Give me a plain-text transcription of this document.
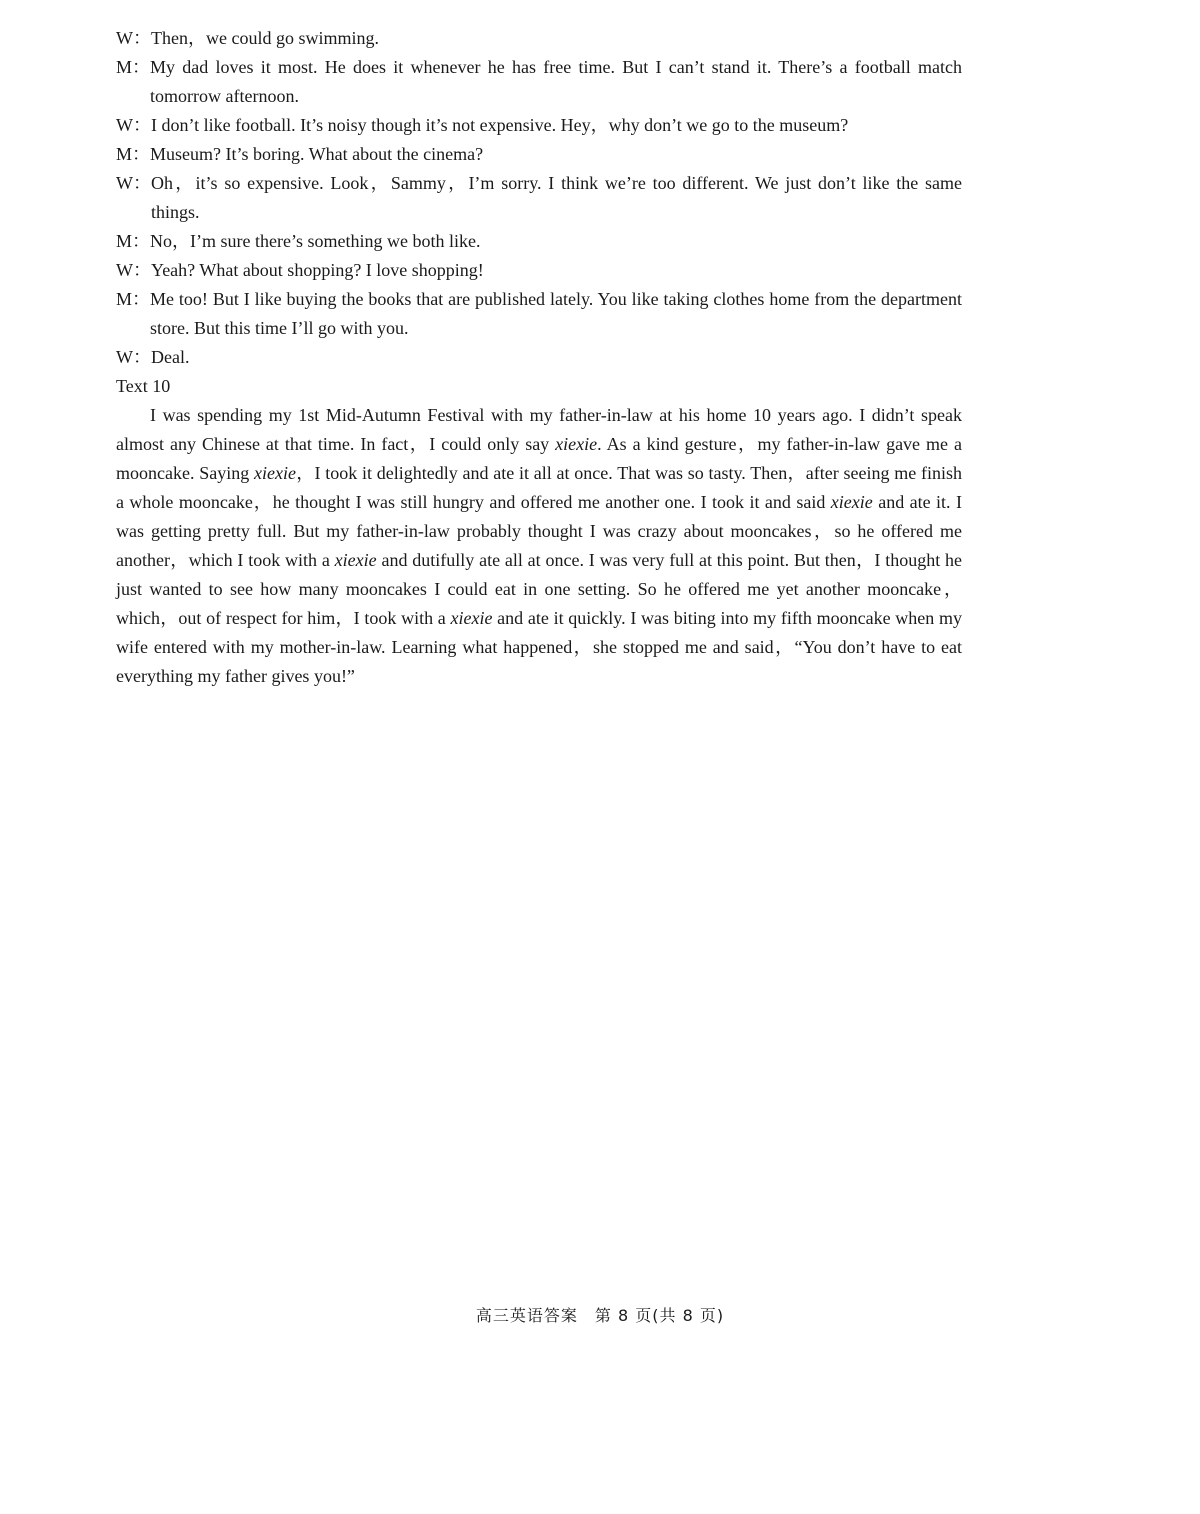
W： Then，we could go swimming.
M： My dad loves it most. He does it whenever he has free time. But I can’t stand it. There’s a football match tomorrow afternoon.
W： I don’t like football. It’s noisy though it’s not expensive. Hey，why don’t we go to the museum?
M： Museum? It’s boring. What about the cinema?
W： Oh，it’s so expensive. Look，Sammy，I’m sorry. I think we’re too different. We just don’t like the same things.
M： No，I’m sure there’s something we both like.
W： Yeah? What about shopping? I love shopping!
M： Me too! But I like buying the books that are published lately. You like taking clothes home from the department store. But this time I’ll go with you.
W： Deal.
Text 10

I was spending my 1st Mid-Autumn Festival with my father-in-law at his home 10 years ago. I didn’t speak almost any Chinese at that time. In fact，I could only say xiexie. As a kind gesture，my father-in-law gave me a mooncake. Saying xiexie，I took it delightedly and ate it all at once. That was so tasty. Then，after seeing me finish a whole mooncake，he thought I was still hungry and offered me another one. I took it and said xiexie and ate it. I was getting pretty full. But my father-in-law probably thought I was crazy about mooncakes，so he offered me another，which I took with a xiexie and dutifully ate all at once. I was very full at this point. But then，I thought he just wanted to see how many mooncakes I could eat in one setting. So he offered me yet another mooncake，which，out of respect for him，I took with a xiexie and ate it quickly. I was biting into my fifth mooncake when my wife entered with my mother-in-law. Learning what happened，she stopped me and said，“You don’t have to eat everything my father gives you!”

高三英语答案　第 8 页(共 8 页)
